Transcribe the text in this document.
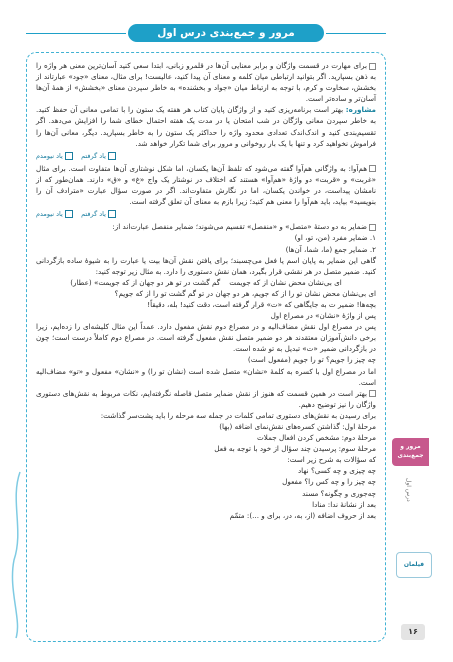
مرور و جمع‌بندی درس اول

برای مهارت در قسمت واژگان و برابر معنایی آن‌ها در قلمرو زبانی، ابتدا سعی کنید آسان‌ترین معنی هر واژه را به ذهن بسپارید. اگر بتوانید ارتباطی میان کلمه و معنای آن پیدا کنید، عالیست! برای مثال، معنای «جود» عبارتاند از بخشش، سخاوت و کرم، با توجه به ارتباط میان «جواد و بخشنده» به خاطر سپردن معنای «بخشش» از همهٔ آن‌ها آسان‌تر و ساده‌تر است.

مشاوره: بهتر است برنامه‌ریزی کنید و از واژگان پایان کتاب هر هفته یک ستون را با تمامی معانی آن حفظ کنید. به خاطر سپردن معانی واژگان در شب امتحان یا در مدت یک هفته احتمال خطای شما را افزایش می‌دهد. اگر تقسیم‌بندی کنید و اندک‌اندک تعدادی محدود واژه را حداکثر یک ستون را به خاطر بسپارید. دیگر، معانی آن‌ها را فراموش نخواهید کرد و تنها با یک بار روخوانی و مرور برای شما تکرار خواهد شد.

یاد گرفتم یاد نیومدم

هم‌آوا: به واژگانی هم‌آوا گفته می‌شود که تلفظ آن‌ها یکسان، اما شکل نوشتاری آن‌ها متفاوت است. برای مثال «غربت» و «قربت» دو واژهٔ «هم‌آوا» هستند که اختلاف در نوشتار یک واج «غ» و «ق» دارند. همان‌طور که از نامشان پیداست، در خواندن یکسان، اما در نگارش متفاوت‌اند. اگر در صورت سؤال عبارت «مترادف آن را بنویسید» بیاید، باید هم‌آوا را معنی هم کنید؛ زیرا بازم به معنای آن تعلق گرفته است.

یاد گرفتم یاد نیومدم

ضمایر به دو دستهٔ «متصل» و «منفصل» تقسیم می‌شوند؛ ضمایر منفصل عبارت‌اند از:

۱. ضمایر مفرد (من، تو، او)

۲. ضمایر جمع (ما، شما، آن‌ها)

گاهی این ضمایر به پایان اسم یا فعل می‌چسبند؛ برای یافتن نقش آن‌ها بیت یا عبارت را به شیوهٔ ساده بازگردانی کنید. ضمیر متصل در هر نقشی قرار بگیرد، همان نقش دستوری را دارد. به مثال زیر توجه کنید:

ای بی‌نشان محض نشان از که جویمت    گم گشت در تو هر دو جهان از که جویمت» (عطار)

ای بی‌نشان محض نشان تو را از که جویم، هر دو جهان در تو گم گشت تو را از که جویم؟

بچه‌ها! ضمیر ت به جایگاهی که «ت» قرار گرفته است، دقت کنید! بله، دقیقاً!

پس از واژهٔ «نشان» در مصراع اول

پس در مصراع اول نقش مضاف‌الیه و در مصراع دوم نقش مفعول دارد. عمداً این مثال کلیشه‌ای را زده‌ایم، زیرا برخی دانش‌آموزان معتقدند هر دو ضمیر متصل نقش مفعول گرفته است. در مصراع دوم کاملاً درست است؛ چون در بازگردانی ضمیر «ت» تبدیل به تو شده است.

چه چیز را جویم؟ تو را جویم (مفعول است)

اما در مصراع اول با کسره به کلمهٔ «نشان» متصل شده است (نشان تو را) و «نشان» مفعول و «تو» مضاف‌الیه است.

بهتر است در همین قسمت که هنوز از نقش ضمایر متصل فاصله نگرفته‌ایم، نکات مربوط به نقش‌های دستوری واژگان را نیز توضیح دهیم.

برای رسیدن به نقش‌های دستوری تمامی کلمات در جمله سه مرحله را باید پشت‌سر گذاشت:

مرحلهٔ اول: گذاشتن کسره‌های نقش‌نمای اضافه (بها)

مرحلهٔ دوم: مشخص کردن افعال جملات

مرحلهٔ سوم: پرسیدن چند سؤال از خود با توجه به فعل

که سؤالات به شرح زیر است:

چه چیزی و چه کسی؟ نهاد

چه چیز را و چه کس را؟ مفعول

چه‌جوری و چگونه؟ مسند

بعد از نشانهٔ ندا: منادا

بعد از حروف اضافه (از، به، در، برای و ...): متمّم

مرور و
جمع‌بندی
درس اول
فیلمان
۱۶
